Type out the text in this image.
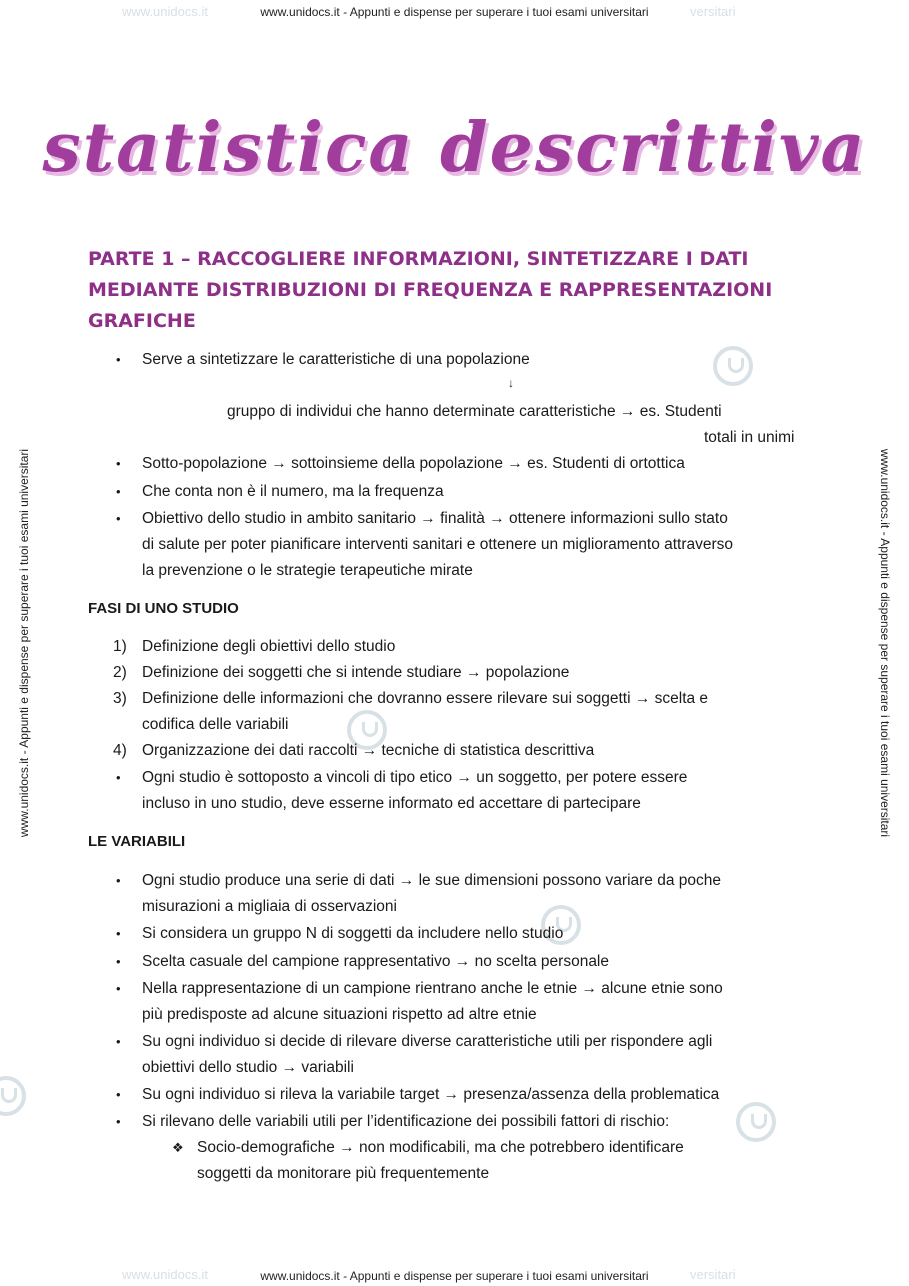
www.unidocs.it	versitari
www.unidocs.it - Appunti e dispense per superare i tuoi esami universitari
www.unidocs.it	versitari
www.unidocs.it - Appunti e dispense per superare i tuoi esami universitari
www.unidocs.it - Appunti e dispense per superare i tuoi esami universitari	www.unidocs.it - Appunti e dispense per superare i tuoi esami universitari
statistica descrittiva
PARTE 1 – RACCOGLIERE INFORMAZIONI, SINTETIZZARE I DATI
MEDIANTE DISTRIBUZIONI DI FREQUENZA E RAPPRESENTAZIONI
GRAFICHE
• Serve a sintetizzare le caratteristiche di una popolazione
↓
gruppo di individui che hanno determinate caratteristiche → es. Studenti
totali in unimi
• Sotto-popolazione → sottoinsieme della popolazione → es. Studenti di ortottica
• Che conta non è il numero, ma la frequenza
• Obiettivo dello studio in ambito sanitario → finalità → ottenere informazioni sullo stato
di salute per poter pianificare interventi sanitari e ottenere un miglioramento attraverso
la prevenzione o le strategie terapeutiche mirate
FASI DI UNO STUDIO
1) Definizione degli obiettivi dello studio
2) Definizione dei soggetti che si intende studiare → popolazione
3) Definizione delle informazioni che dovranno essere rilevare sui soggetti → scelta e
codifica delle variabili
4) Organizzazione dei dati raccolti → tecniche di statistica descrittiva
• Ogni studio è sottoposto a vincoli di tipo etico → un soggetto, per potere essere
incluso in uno studio, deve esserne informato ed accettare di partecipare
LE VARIABILI
• Ogni studio produce una serie di dati → le sue dimensioni possono variare da poche
misurazioni a migliaia di osservazioni
• Si considera un gruppo N di soggetti da includere nello studio
• Scelta casuale del campione rappresentativo → no scelta personale
• Nella rappresentazione di un campione rientrano anche le etnie → alcune etnie sono
più predisposte ad alcune situazioni rispetto ad altre etnie
• Su ogni individuo si decide di rilevare diverse caratteristiche utili per rispondere agli
obiettivi dello studio → variabili
• Su ogni individuo si rileva la variabile target → presenza/assenza della problematica
• Si rilevano delle variabili utili per l’identificazione dei possibili fattori di rischio:
❖ Socio-demografiche → non modificabili, ma che potrebbero identificare
soggetti da monitorare più frequentemente
